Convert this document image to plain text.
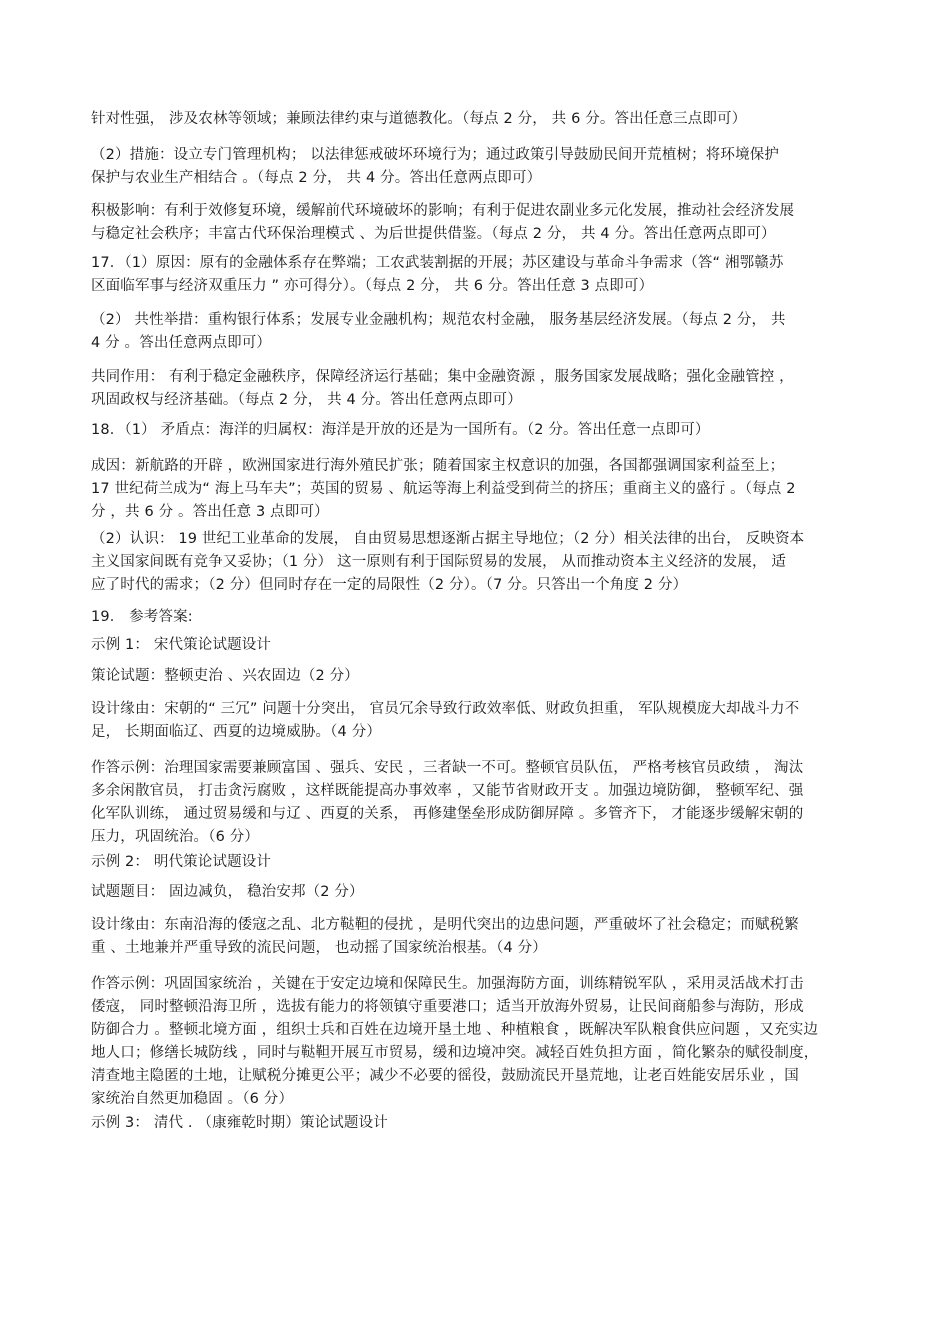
针对性强， 涉及农林等领域；兼顾法律约束与道德教化。（每点 2 分， 共 6 分。答出任意三点即可）
（2）措施：设立专门管理机构； 以法律惩戒破坏环境行为；通过政策引导鼓励民间开荒植树；将环境保护
保护与农业生产相结合 。（每点 2 分， 共 4 分。答出任意两点即可）
积极影响：有利于效修复环境，缓解前代环境破坏的影响；有利于促进农副业多元化发展，推动社会经济发展
与稳定社会秩序；丰富古代环保治理模式 、为后世提供借鉴。（每点 2 分， 共 4 分。答出任意两点即可）
17．（1）原因：原有的金融体系存在弊端；工农武装割据的开展；苏区建设与革命斗争需求（答“ 湘鄂赣苏
区面临军事与经济双重压力 ” 亦可得分）。（每点 2 分， 共 6 分。答出任意 3 点即可）
（2） 共性举措：重构银行体系；发展专业金融机构；规范农村金融， 服务基层经济发展。（每点 2 分， 共
4 分 。答出任意两点即可）
共同作用： 有利于稳定金融秩序，保障经济运行基础；集中金融资源 ，服务国家发展战略；强化金融管控 ，
巩固政权与经济基础。（每点 2 分， 共 4 分。答出任意两点即可）
18．（1） 矛盾点：海洋的归属权：海洋是开放的还是为一国所有。（2 分。答出任意一点即可）
成因：新航路的开辟 ，欧洲国家进行海外殖民扩张；随着国家主权意识的加强，各国都强调国家利益至上；
17 世纪荷兰成为“ 海上马车夫”；英国的贸易 、航运等海上利益受到荷兰的挤压；重商主义的盛行 。（每点 2
分 ，共 6 分 。答出任意 3 点即可）
（2）认识： 19 世纪工业革命的发展， 自由贸易思想逐渐占据主导地位；（2 分）相关法律的出台， 反映资本
主义国家间既有竞争又妥协；（1 分） 这一原则有利于国际贸易的发展， 从而推动资本主义经济的发展， 适
应了时代的需求；（2 分）但同时存在一定的局限性（2 分）。（7 分。只答出一个角度 2 分）
19． 参考答案:
示例 1： 宋代策论试题设计
策论试题：整顿吏治 、兴农固边（2 分）
设计缘由：宋朝的“ 三冗” 问题十分突出， 官员冗余导致行政效率低、财政负担重， 军队规模庞大却战斗力不
足， 长期面临辽、西夏的边境威胁。（4 分）
作答示例：治理国家需要兼顾富国 、强兵、安民 ，三者缺一不可。整顿官员队伍， 严格考核官员政绩 ， 淘汰
多余闲散官员， 打击贪污腐败 ，这样既能提高办事效率 ，又能节省财政开支 。加强边境防御， 整顿军纪、强
化军队训练， 通过贸易缓和与辽 、西夏的关系， 再修建堡垒形成防御屏障 。多管齐下， 才能逐步缓解宋朝的
压力，巩固统治。（6 分）
示例 2： 明代策论试题设计
试题题目： 固边减负， 稳治安邦（2 分）
设计缘由：东南沿海的倭寇之乱、北方鞑靼的侵扰 ，是明代突出的边患问题，严重破坏了社会稳定；而赋税繁
重 、土地兼并严重导致的流民问题， 也动摇了国家统治根基。（4 分）
作答示例：巩固国家统治 ，关键在于安定边境和保障民生。加强海防方面，训练精锐军队 ，采用灵活战术打击
倭寇， 同时整顿沿海卫所 ，选拔有能力的将领镇守重要港口；适当开放海外贸易，让民间商船参与海防，形成
防御合力 。整顿北境方面 ，组织士兵和百姓在边境开垦土地 、种植粮食 ，既解决军队粮食供应问题 ，又充实边
地人口；修缮长城防线 ，同时与鞑靼开展互市贸易，缓和边境冲突。减轻百姓负担方面 ，简化繁杂的赋役制度，
清查地主隐匿的土地，让赋税分摊更公平；减少不必要的徭役，鼓励流民开垦荒地，让老百姓能安居乐业 ，国
家统治自然更加稳固 。（6 分）
示例 3： 清代 . （康雍乾时期）策论试题设计
